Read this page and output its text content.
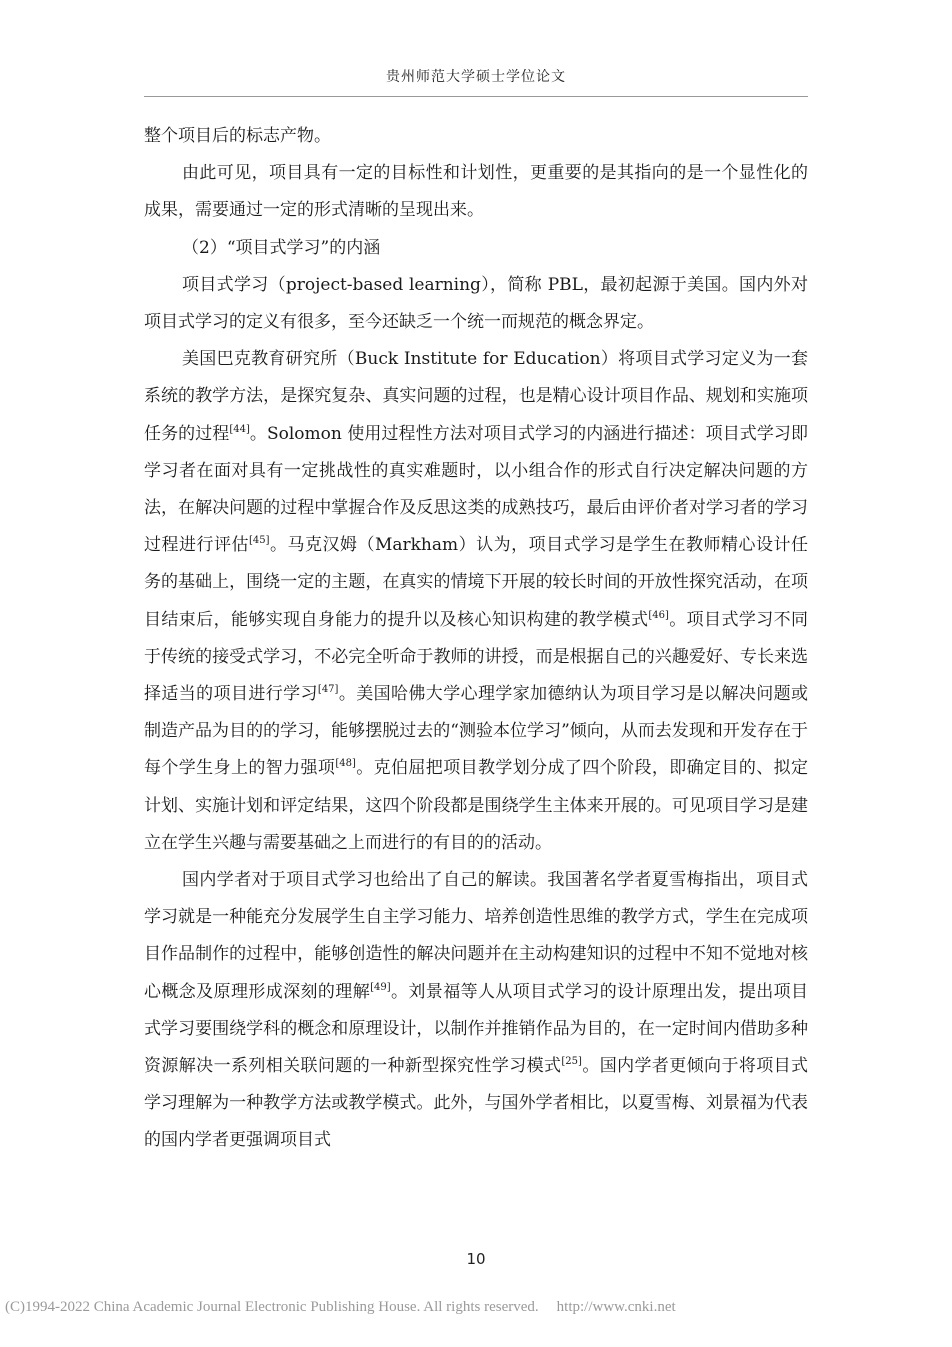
贵州师范大学硕士学位论文

整个项目后的标志产物。

由此可见，项目具有一定的目标性和计划性，更重要的是其指向的是一个显性化的成果，需要通过一定的形式清晰的呈现出来。

（2）“项目式学习”的内涵

项目式学习（project-based learning），简称 PBL，最初起源于美国。国内外对项目式学习的定义有很多，至今还缺乏一个统一而规范的概念界定。

美国巴克教育研究所（Buck Institute for Education）将项目式学习定义为一套系统的教学方法，是探究复杂、真实问题的过程，也是精心设计项目作品、规划和实施项任务的过程[44]。Solomon 使用过程性方法对项目式学习的内涵进行描述：项目式学习即学习者在面对具有一定挑战性的真实难题时，以小组合作的形式自行决定解决问题的方法，在解决问题的过程中掌握合作及反思这类的成熟技巧，最后由评价者对学习者的学习过程进行评估[45]。马克汉姆（Markham）认为，项目式学习是学生在教师精心设计任务的基础上，围绕一定的主题，在真实的情境下开展的较长时间的开放性探究活动，在项目结束后，能够实现自身能力的提升以及核心知识构建的教学模式[46]。项目式学习不同于传统的接受式学习，不必完全听命于教师的讲授，而是根据自己的兴趣爱好、专长来选择适当的项目进行学习[47]。美国哈佛大学心理学家加德纳认为项目学习是以解决问题或制造产品为目的的学习，能够摆脱过去的“测验本位学习”倾向，从而去发现和开发存在于每个学生身上的智力强项[48]。克伯屈把项目教学划分成了四个阶段，即确定目的、拟定计划、实施计划和评定结果，这四个阶段都是围绕学生主体来开展的。可见项目学习是建立在学生兴趣与需要基础之上而进行的有目的的活动。

国内学者对于项目式学习也给出了自己的解读。我国著名学者夏雪梅指出，项目式学习就是一种能充分发展学生自主学习能力、培养创造性思维的教学方式，学生在完成项目作品制作的过程中，能够创造性的解决问题并在主动构建知识的过程中不知不觉地对核心概念及原理形成深刻的理解[49]。刘景福等人从项目式学习的设计原理出发，提出项目式学习要围绕学科的概念和原理设计，以制作并推销作品为目的，在一定时间内借助多种资源解决一系列相关联问题的一种新型探究性学习模式[25]。国内学者更倾向于将项目式学习理解为一种教学方法或教学模式。此外，与国外学者相比，以夏雪梅、刘景福为代表的国内学者更强调项目式

10
(C)1994-2022 China Academic Journal Electronic Publishing House. All rights reserved. http://www.cnki.net
